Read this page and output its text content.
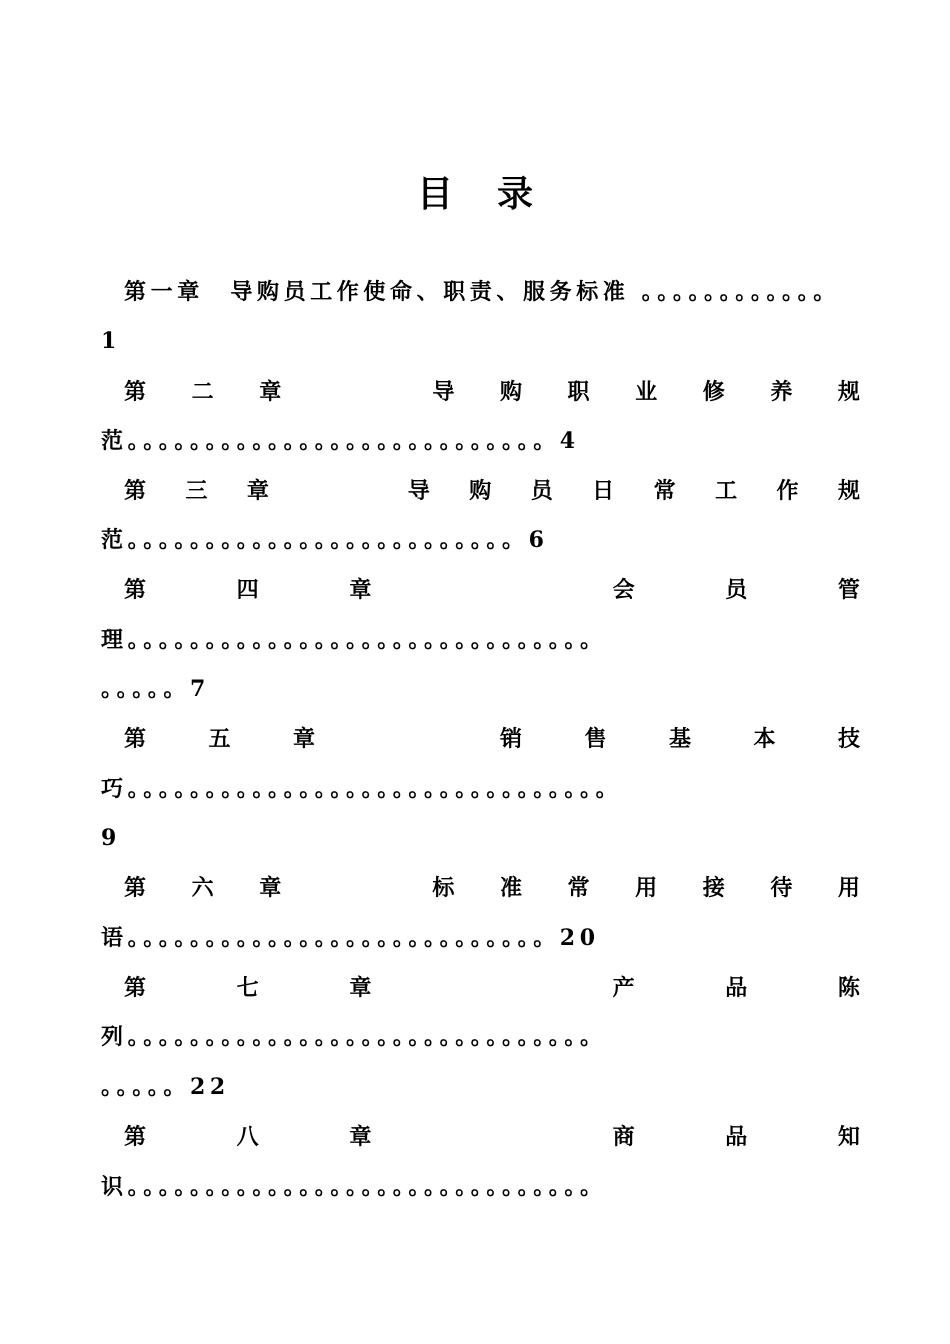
目 录
第一章　导购员工作使命、职责、服务标准 。。。。。。。。。。。。
1
第 二 章	导 购 职 业 修 养 规
范。。。。。。。。。。。。。。。。。。。。。。。。。。。4
第 三 章	导 购 员 日 常 工 作 规
范。。。。。。。。。。。。。。。。。。。。。。。。。6
第	四	章	会	员	管
理。。。。。。。。。。。。。。。。。。。。。。。。。。。。。。
。。。。。7
第	五	章	销	售	基	本	技
巧。。。。。。。。。。。。。。。。。。。。。。。。。。。。。。。
9
第 六 章	标 准 常 用 接 待 用
语。。。。。。。。。。。。。。。。。。。。。。。。。。。20
第	七	章	产	品	陈
列。。。。。。。。。。。。。。。。。。。。。。。。。。。。。。
。。。。。22
第	八	章	商	品	知
识。。。。。。。。。。。。。。。。。。。。。。。。。。。。。。
